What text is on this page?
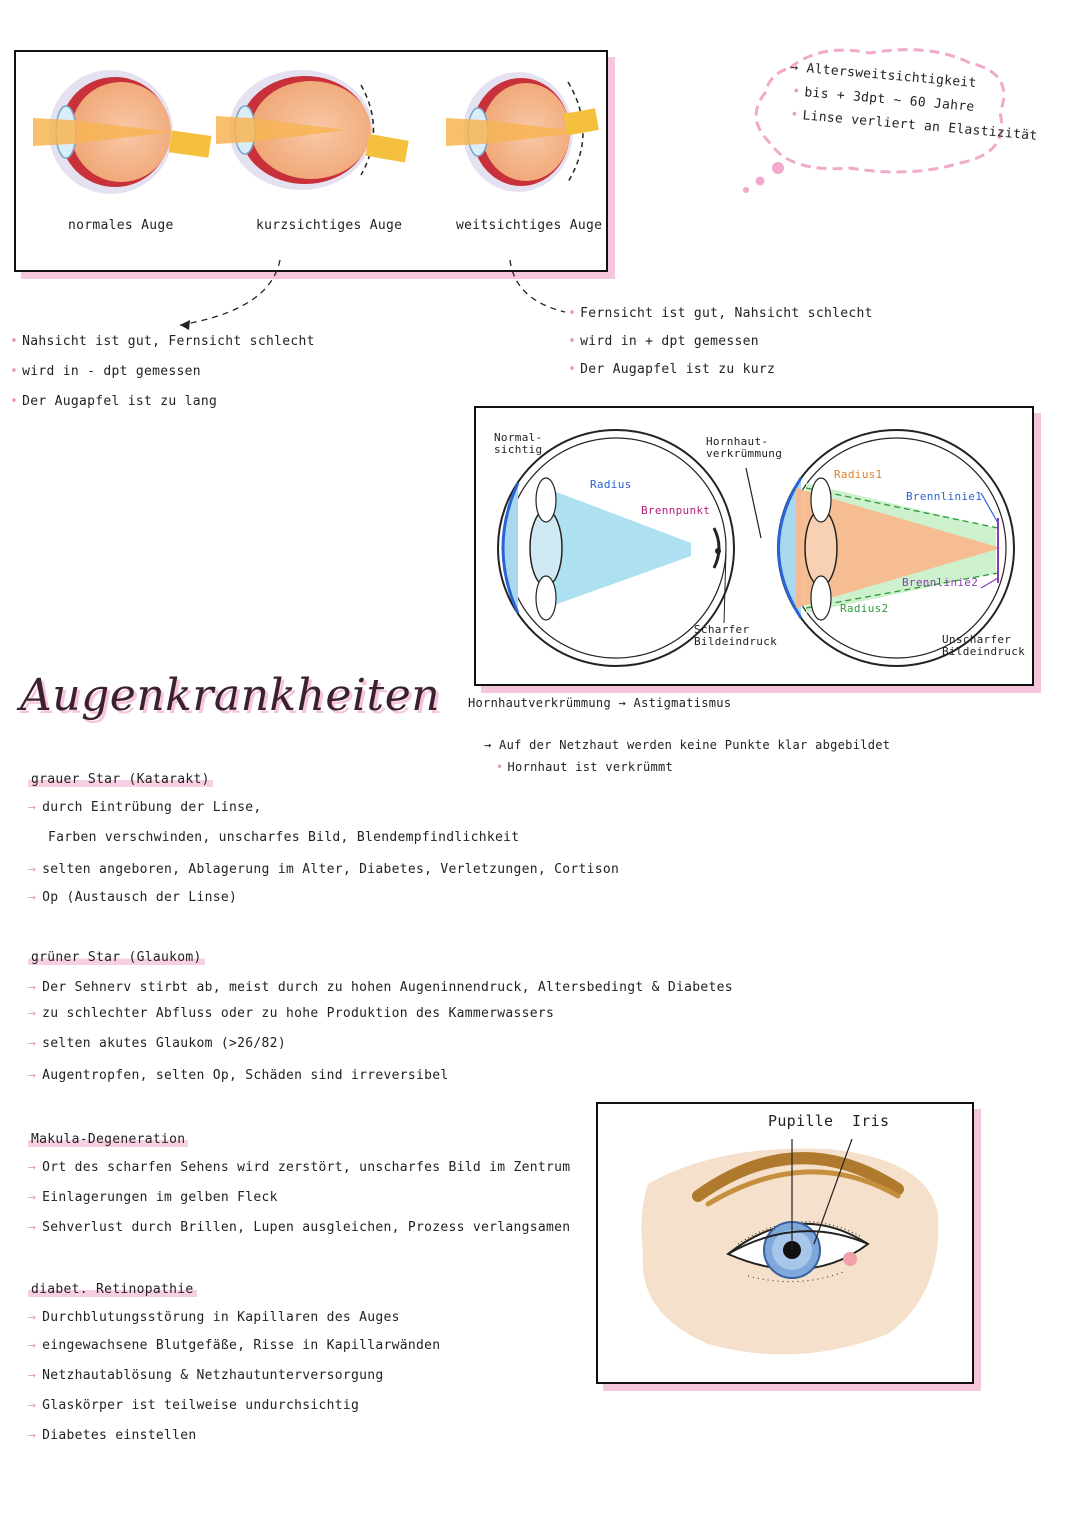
normales Auge	kurzsichtiges Auge	weitsichtiges Auge
→ Altersweitsichtigkeit
• bis + 3dpt ~ 60 Jahre
• Linse verliert an Elastizität
• Nahsicht ist gut, Fernsicht schlecht
• wird in - dpt gemessen
• Der Augapfel ist zu lang
• Fernsicht ist gut, Nahsicht schlecht
• wird in + dpt gemessen
• Der Augapfel ist zu kurz
Normal-
sichtig
Radius
Brennpunkt
Scharfer
Bildeindruck
Hornhaut-
verkrümmung
Radius1
Brennlinie1
Brennlinie2
Radius2
Unscharfer
Bildeindruck
Hornhautverkrümmung → Astigmatismus
→ Auf der Netzhaut werden keine Punkte klar abgebildet
• Hornhaut ist verkrümmt
Augenkrankheiten
grauer Star (Katarakt)
→ durch Eintrübung der Linse,
Farben verschwinden, unscharfes Bild, Blendempfindlichkeit
→ selten angeboren, Ablagerung im Alter, Diabetes, Verletzungen, Cortison
→ Op (Austausch der Linse)
grüner Star (Glaukom)
→ Der Sehnerv stirbt ab, meist durch zu hohen Augeninnendruck, Altersbedingt & Diabetes
→ zu schlechter Abfluss oder zu hohe Produktion des Kammerwassers
→ selten akutes Glaukom (>26/82)
→ Augentropfen, selten Op, Schäden sind irreversibel
Makula-Degeneration
→ Ort des scharfen Sehens wird zerstört, unscharfes Bild im Zentrum
→ Einlagerungen im gelben Fleck
→ Sehverlust durch Brillen, Lupen ausgleichen, Prozess verlangsamen
diabet. Retinopathie
→ Durchblutungsstörung in Kapillaren des Auges
→ eingewachsene Blutgefäße, Risse in Kapillarwänden
→ Netzhautablösung & Netzhautunterversorgung
→ Glaskörper ist teilweise undurchsichtig
→ Diabetes einstellen
Pupille Iris
